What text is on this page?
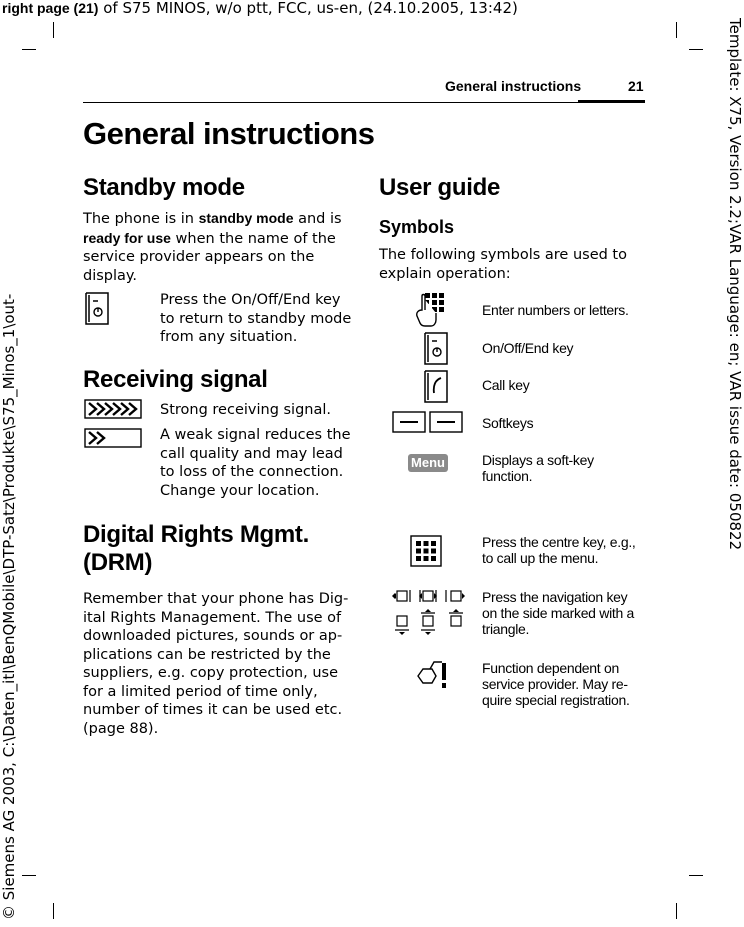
right page (21) of S75 MINOS, w/o ptt, FCC, us-en, (24.10.2005, 13:42)
Template: X75, Version 2.2;VAR Language: en; VAR issue date: 050822
© Siemens AG 2003, C:\Daten_itl\BenQMobile\DTP-Satz\Produkte\S75_Minos_1\out-
General instructions	21
General instructions
Standby mode
The phone is in standby mode and is ready for use when the name of the service provider appears on the display.
Press the On/Off/End key to return to standby mode from any situation.
Receiving signal
Strong receiving signal.
A weak signal reduces the call quality and may lead to loss of the connection. Change your location.
Digital Rights Mgmt.
(DRM)
Remember that your phone has Dig-ital Rights Management. The use of downloaded pictures, sounds or ap-plications can be restricted by the suppliers, e.g. copy protection, use for a limited period of time only, number of times it can be used etc. (page 88).
User guide
Symbols
The following symbols are used to explain operation:
Enter numbers or letters.
On/Off/End key
Call key
Softkeys
Menu	Displays a soft-key function.
Press the centre key, e.g., to call up the menu.
Press the navigation key on the side marked with a triangle.
Function dependent on service provider. May re-quire special registration.
